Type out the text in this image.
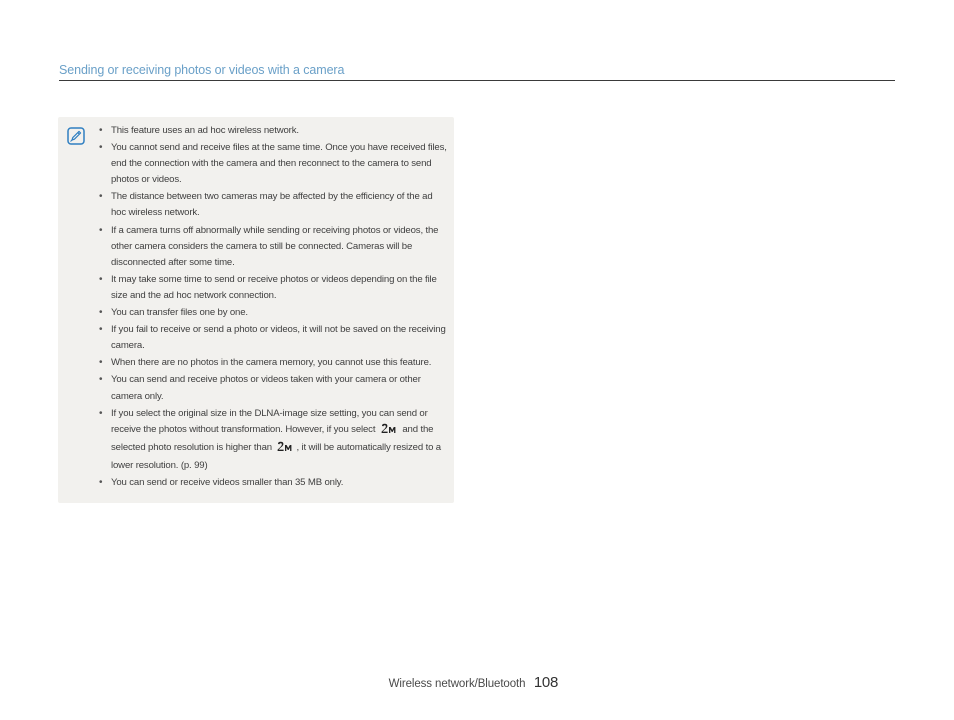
Sending or receiving photos or videos with a camera
• This feature uses an ad hoc wireless network.
• You cannot send and receive files at the same time. Once you have received files, end the connection with the camera and then reconnect to the camera to send photos or videos.
• The distance between two cameras may be affected by the efficiency of the ad hoc wireless network.
• If a camera turns off abnormally while sending or receiving photos or videos, the other camera considers the camera to still be connected. Cameras will be disconnected after some time.
• It may take some time to send or receive photos or videos depending on the file size and the ad hoc network connection.
• You can transfer files one by one.
• If you fail to receive or send a photo or videos, it will not be saved on the receiving camera.
• When there are no photos in the camera memory, you cannot use this feature.
• You can send and receive photos or videos taken with your camera or other camera only.
• If you select the original size in the DLNA-image size setting, you can send or receive the photos without transformation. However, if you select	and the selected photo resolution is higher than	, it will be automatically resized to a lower resolution. (p. 99)
• You can send or receive videos smaller than 35 MB only.
Wireless network/Bluetooth 108
